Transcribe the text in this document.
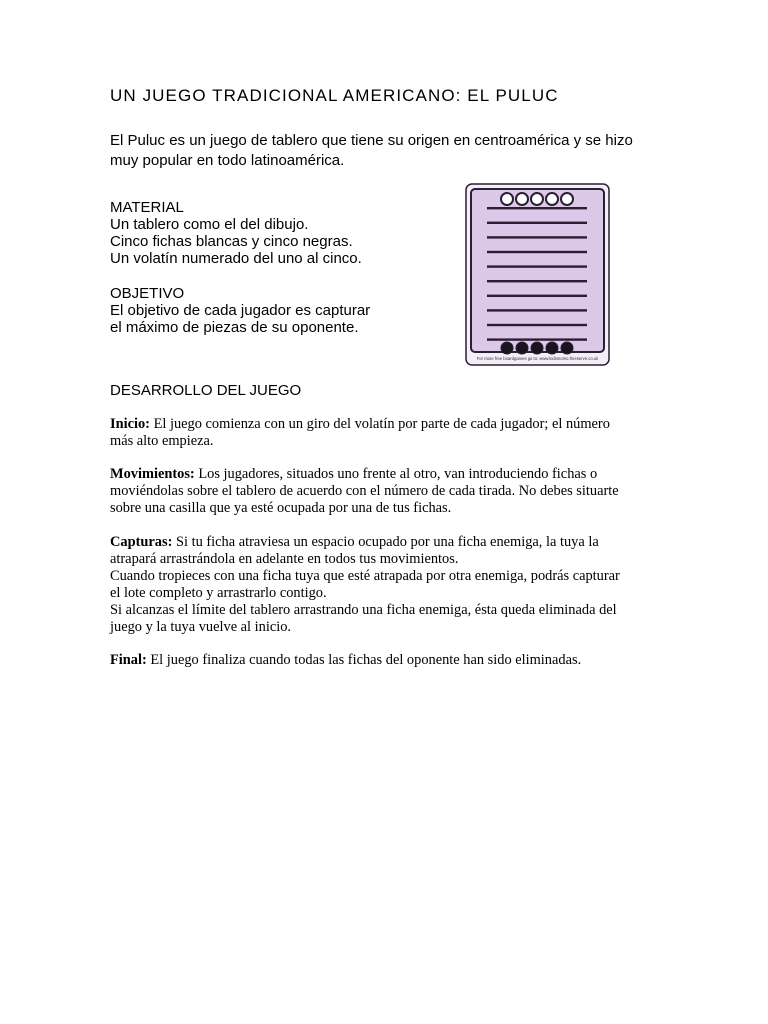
UN JUEGO TRADICIONAL AMERICANO: EL PULUC
El Puluc es un juego de tablero que tiene su origen en centroamérica y se hizo muy popular en todo latinoamérica.

MATERIAL

Un tablero como el del dibujo.

Cinco fichas blancas y cinco negras.

Un volatín numerado del uno al cinco.

OBJETIVO

El objetivo de cada jugador es capturar

el máximo de piezas de su oponente.

For more free boardgames go to: www.kidsmomo.freeserve.co.uk
DESARROLLO DEL JUEGO

Inicio: El juego comienza con un giro del volatín por parte de cada jugador; el número más alto empieza.

Movimientos: Los jugadores, situados uno frente al otro, van introduciendo fichas o moviéndolas sobre el tablero de acuerdo con el número de cada tirada. No debes situarte sobre una casilla que ya esté ocupada por una de tus fichas.

Capturas: Si tu ficha atraviesa un espacio ocupado por una ficha enemiga, la tuya la atrapará arrastrándola en adelante en todos tus movimientos.

Cuando tropieces con una ficha tuya que esté atrapada por otra enemiga, podrás capturar el lote completo y arrastrarlo contigo.

Si alcanzas el límite del tablero arrastrando una ficha enemiga, ésta queda eliminada del juego y la tuya vuelve al inicio.

Final: El juego finaliza cuando todas las fichas del oponente han sido eliminadas.
